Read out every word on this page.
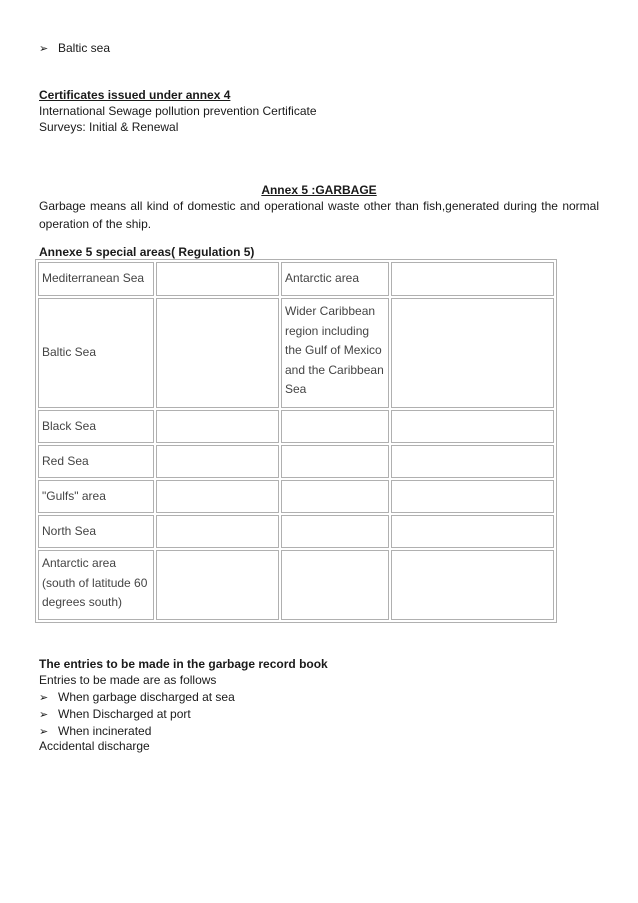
➢ Baltic sea
Certificates issued under annex 4
International Sewage pollution prevention Certificate
Surveys: Initial & Renewal
Annex 5 :GARBAGE
Garbage means all kind of domestic and operational waste other than fish,generated during the normal operation of the ship.
Annexe 5 special areas( Regulation 5)
Mediterranean Sea		Antarctic area	
Baltic Sea		Wider Caribbean region including the Gulf of Mexico and the Caribbean Sea	
Black Sea			
Red Sea			
"Gulfs" area			
North Sea			
Antarctic area (south of latitude 60 degrees south)			
The entries to be made in the garbage record book
Entries to be made are as follows
➢ When garbage discharged at sea
➢ When Discharged at port
➢ When incinerated
Accidental discharge
